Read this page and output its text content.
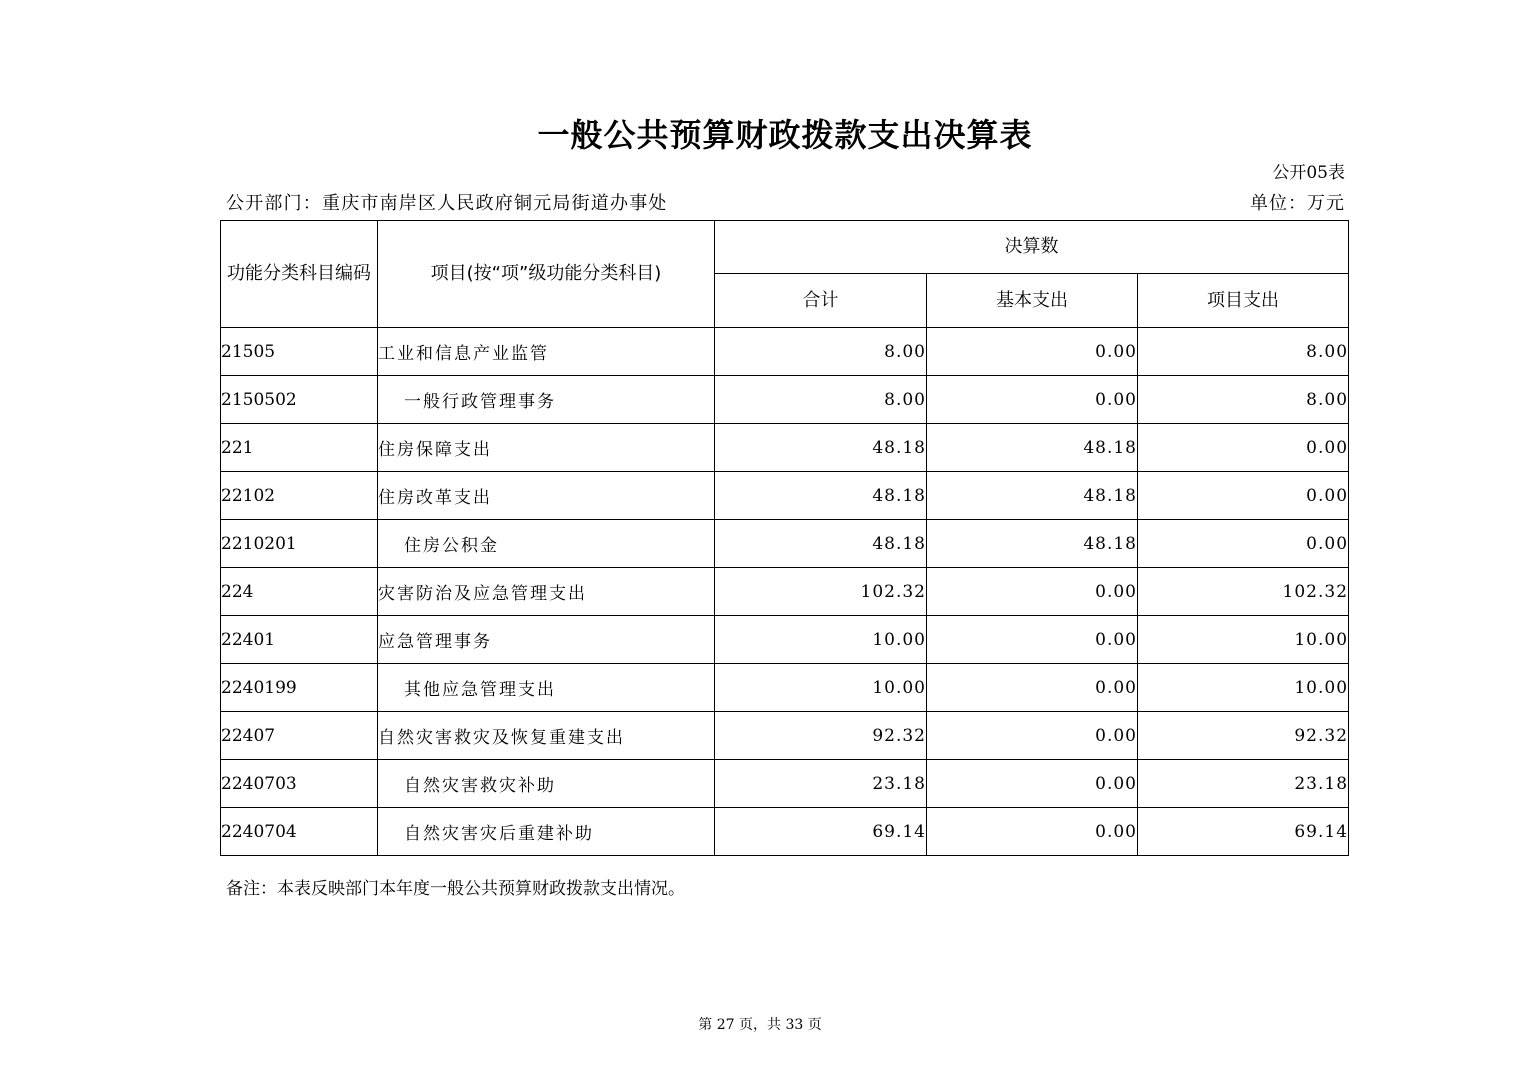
一般公共预算财政拨款支出决算表
公开05表
公开部门：重庆市南岸区人民政府铜元局街道办事处	单位：万元
功能分类科目编码	项目(按“项”级功能分类科目)	决算数		
		合计	基本支出	项目支出
21505	工业和信息产业监管	8.00	0.00	8.00
2150502	一般行政管理事务	8.00	0.00	8.00
221	住房保障支出	48.18	48.18	0.00
22102	住房改革支出	48.18	48.18	0.00
2210201	住房公积金	48.18	48.18	0.00
224	灾害防治及应急管理支出	102.32	0.00	102.32
22401	应急管理事务	10.00	0.00	10.00
2240199	其他应急管理支出	10.00	0.00	10.00
22407	自然灾害救灾及恢复重建支出	92.32	0.00	92.32
2240703	自然灾害救灾补助	23.18	0.00	23.18
2240704	自然灾害灾后重建补助	69.14	0.00	69.14
备注：本表反映部门本年度一般公共预算财政拨款支出情况。
第 27 页，共 33 页
